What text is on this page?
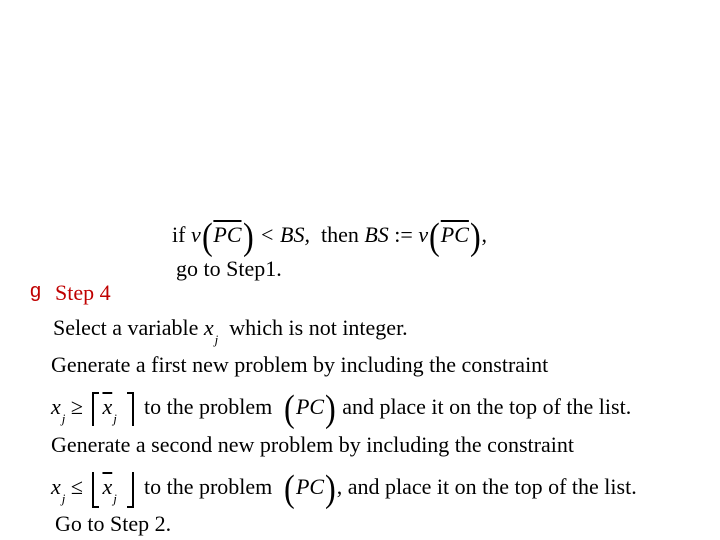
if $v(\overline{PC})$ < BS, then BS := $v(\overline{PC})$,
go to Step1.
g Step 4
Select a variable $x_j$ which is not integer.
Generate a first new problem by including the constraint
$x_j \ge \overline{x}_j$ to the problem (PC) and place it on the top of the list.
Generate a second new problem by including the constraint
$x_j \le \overline{x}_j$ to the problem (PC), and place it on the top of the list.
Go to Step 2.
